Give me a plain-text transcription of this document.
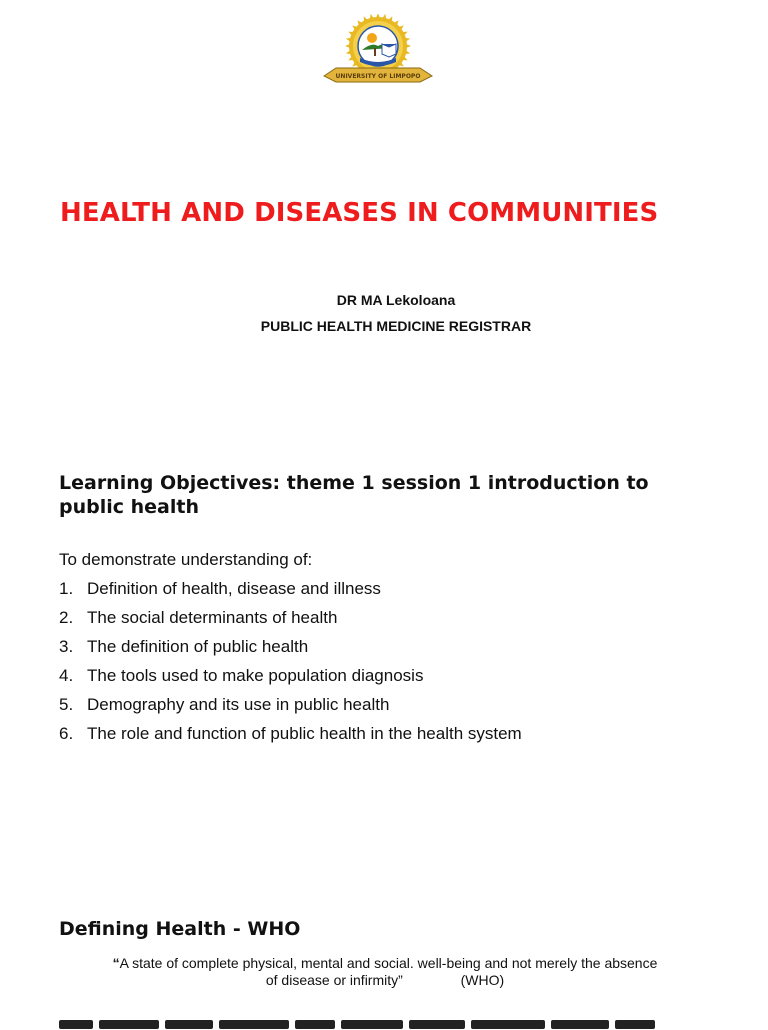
UNIVERSITY OF LIMPOPO
HEALTH AND DISEASES IN COMMUNITIES
DR MA Lekoloana
PUBLIC HEALTH MEDICINE REGISTRAR
Learning Objectives: theme 1 session 1 introduction to public health
To demonstrate understanding of:
1. Definition of health, disease and illness
2. The social determinants of health
3. The definition of public health
4. The tools used to make population diagnosis
5. Demography and its use in public health
6. The role and function of public health in the health system
Defining Health - WHO
“A state of complete physical, mental and social. well-being and not merely the absence
of disease or infirmity”	(WHO)
